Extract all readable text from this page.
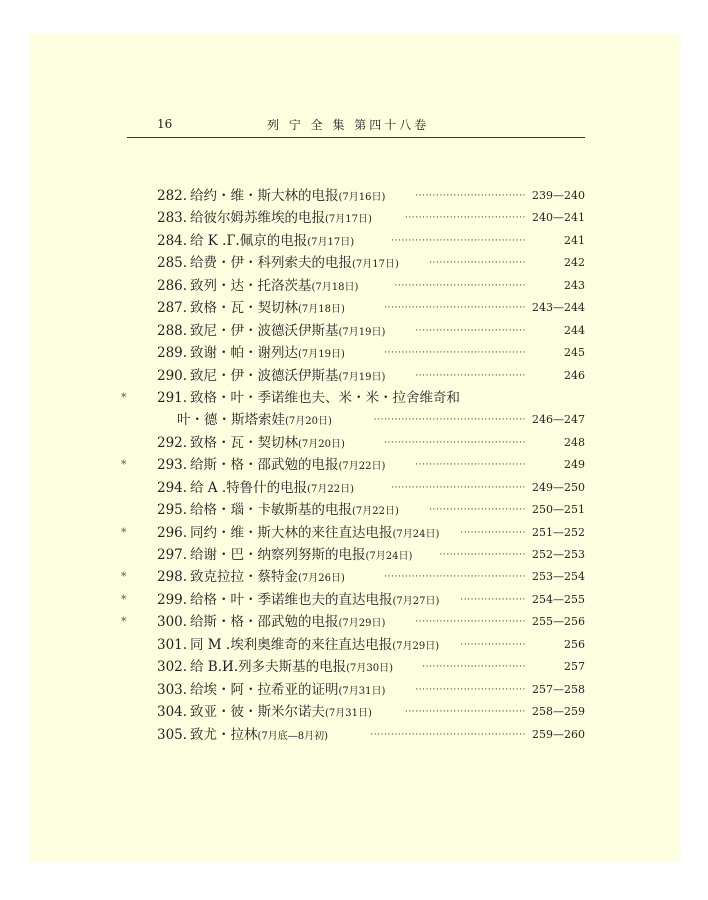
16	列 宁 全 集 第四十八卷
282. 给约・维・斯大林的电报(7月16日)	································ 239—240
283. 给彼尔姆苏维埃的电报(7月17日)	··································· 240—241
284. 给 K .Г.佩京的电报(7月17日)	·······································	241
285. 给费・伊・科列索夫的电报(7月17日)	····························	242
286. 致列・达・托洛茨基(7月18日)	······································	243
287. 致格・瓦・契切林(7月18日)	········································· 243—244
288. 致尼・伊・波德沃伊斯基(7月19日)	································	244
289. 致谢・帕・谢列达(7月19日)	·········································	245
290. 致尼・伊・波德沃伊斯基(7月19日)	································	246
* 291. 致格・叶・季诺维也夫、米・米・拉舍维奇和
叶・德・斯塔索娃(7月20日)	············································ 246—247
292. 致格・瓦・契切林(7月20日)	·········································	248
* 293. 给斯・格・邵武勉的电报(7月22日)	································	249
294. 给 A .特鲁什的电报(7月22日)	······································· 249—250
295. 给格・瑙・卡敏斯基的电报(7月22日)	···························· 250—251
* 296. 同约・维・斯大林的来往直达电报(7月24日)	··················· 251—252
297. 给谢・巴・纳察列努斯的电报(7月24日)	························· 252—253
* 298. 致克拉拉・蔡特金(7月26日)	········································· 253—254
* 299. 给格・叶・季诺维也夫的直达电报(7月27日)	··················· 254—255
* 300. 给斯・格・邵武勉的电报(7月29日)	································ 255—256
301. 同 M .埃利奥维奇的来往直达电报(7月29日)	···················	256
302. 给 B.И.列多夫斯基的电报(7月30日)	······························	257
303. 给埃・阿・拉希亚的证明(7月31日)	································ 257—258
304. 致亚・彼・斯米尔诺夫(7月31日)	··································· 258—259
305. 致尤・拉林(7月底—8月初)	············································· 259—260
